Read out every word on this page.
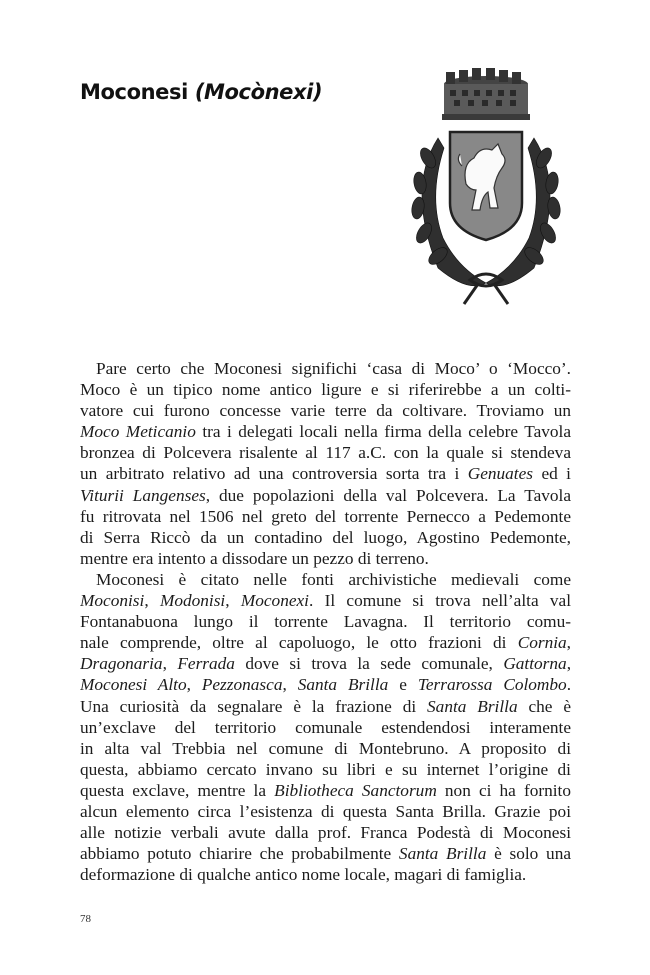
Moconesi (Mocònexi)
Pare certo che Moconesi significhi ‘casa di Moco’ o ‘Mocco’.
Moco è un tipico nome antico ligure e si riferirebbe a un colti-
vatore cui furono concesse varie terre da coltivare. Troviamo un
Moco Meticanio tra i delegati locali nella firma della celebre Tavola
bronzea di Polcevera risalente al 117 a.C. con la quale si stendeva
un arbitrato relativo ad una controversia sorta tra i Genuates ed i
Viturii Langenses, due popolazioni della val Polcevera. La Tavola
fu ritrovata nel 1506 nel greto del torrente Pernecco a Pedemonte
di Serra Riccò da un contadino del luogo, Agostino Pedemonte,
mentre era intento a dissodare un pezzo di terreno.
Moconesi è citato nelle fonti archivistiche medievali come
Moconisi, Modonisi, Moconexi. Il comune si trova nell’alta val
Fontanabuona lungo il torrente Lavagna. Il territorio comu-
nale comprende, oltre al capoluogo, le otto frazioni di Cornia,
Dragonaria, Ferrada dove si trova la sede comunale, Gattorna,
Moconesi Alto, Pezzonasca, Santa Brilla e Terrarossa Colombo.
Una curiosità da segnalare è la frazione di Santa Brilla che è
un’exclave del territorio comunale estendendosi interamente
in alta val Trebbia nel comune di Montebruno. A proposito di
questa, abbiamo cercato invano su libri e su internet l’origine di
questa exclave, mentre la Bibliotheca Sanctorum non ci ha fornito
alcun elemento circa l’esistenza di questa Santa Brilla. Grazie poi
alle notizie verbali avute dalla prof. Franca Podestà di Moconesi
abbiamo potuto chiarire che probabilmente Santa Brilla è solo una
deformazione di qualche antico nome locale, magari di famiglia.
78
